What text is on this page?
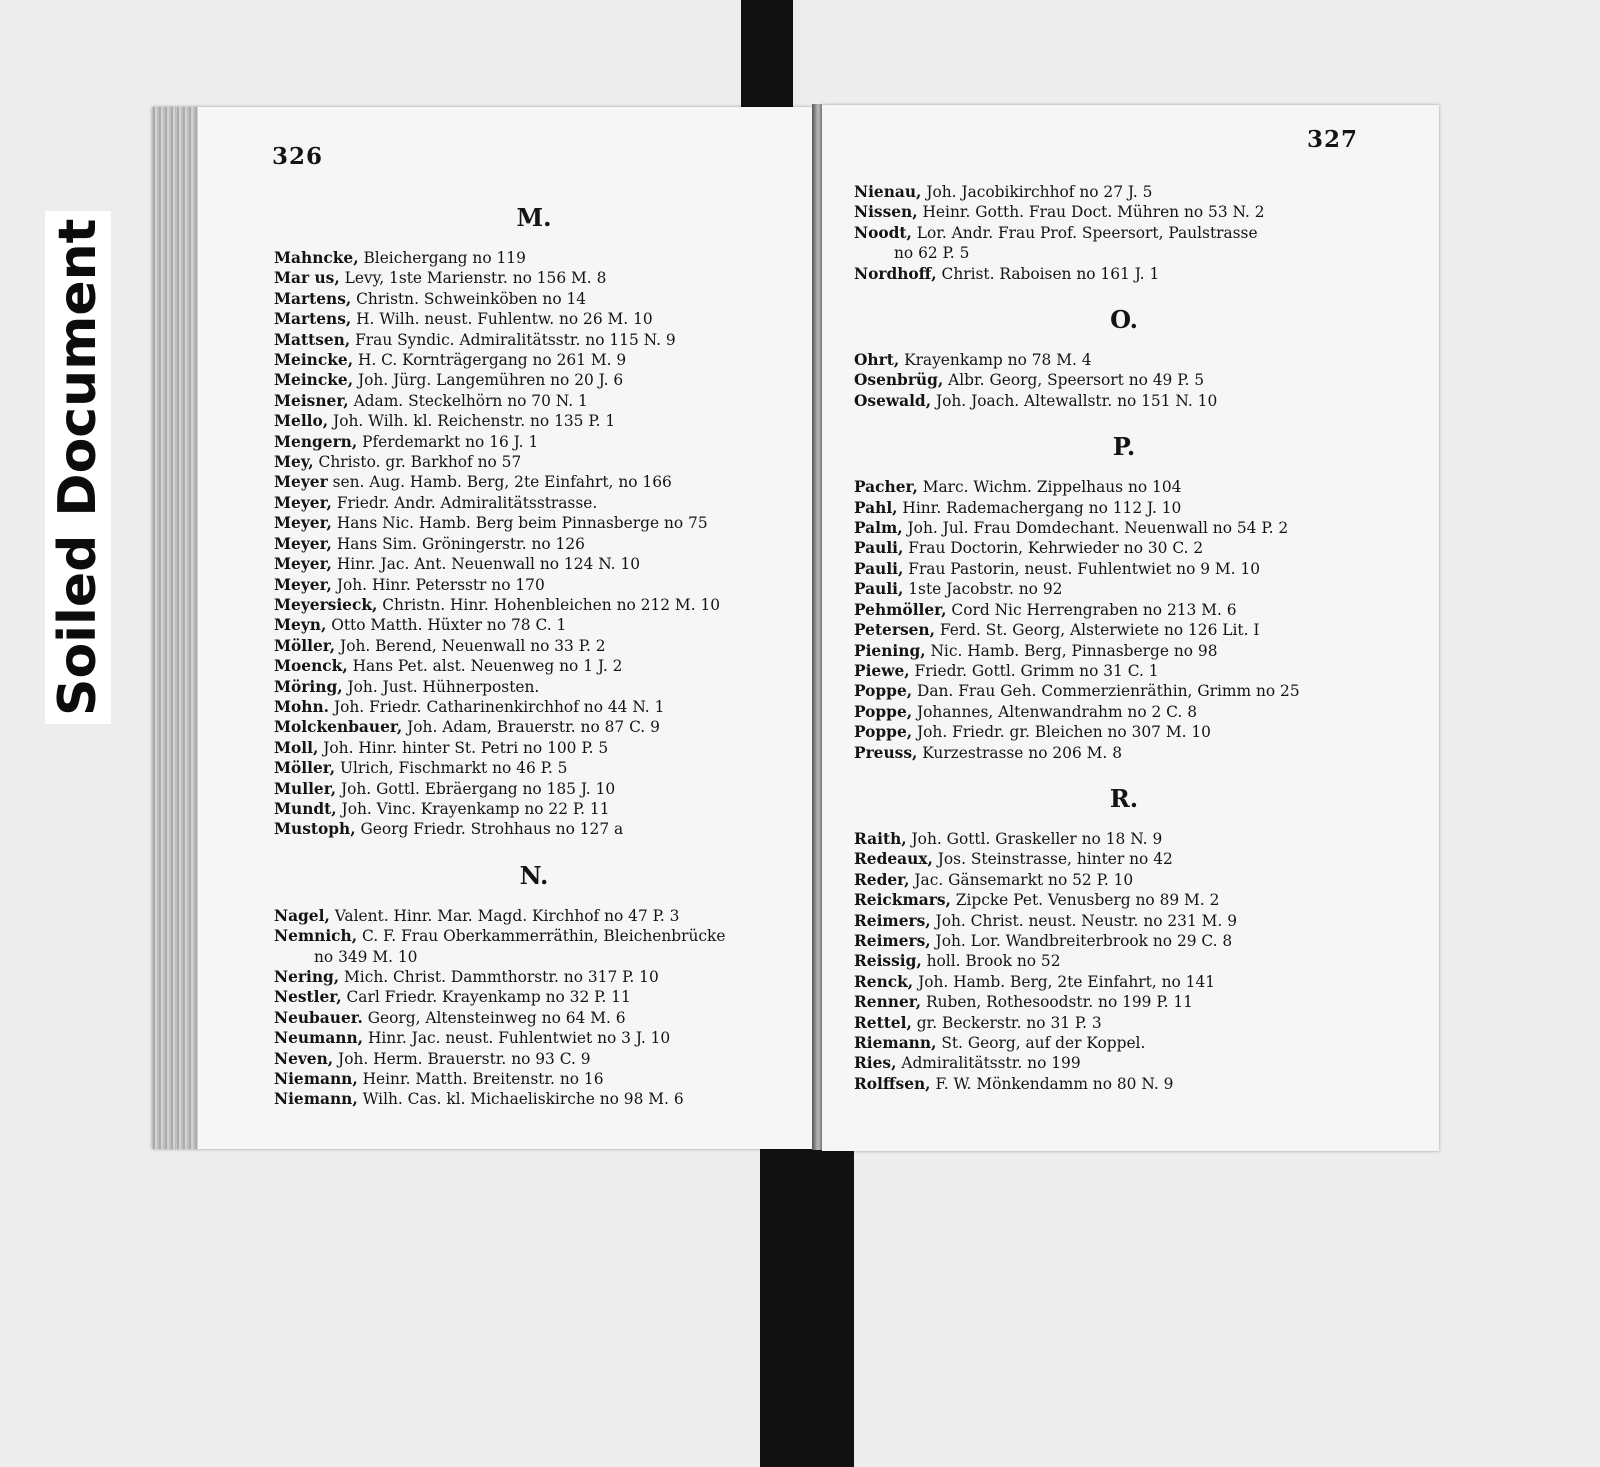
326
327
M.
Mahncke, Bleichergang no 119
Mar us, Levy, 1ste Marienstr. no 156 M. 8
Martens, Christn. Schweinköben no 14
Martens, H. Wilh. neust. Fuhlentw. no 26 M. 10
Mattsen, Frau Syndic. Admiralitätsstr. no 115 N. 9
Meincke, H. C. Kornträgergang no 261 M. 9
Meincke, Joh. Jürg. Langemühren no 20 J. 6
Meisner, Adam. Steckelhörn no 70 N. 1
Mello, Joh. Wilh. kl. Reichenstr. no 135 P. 1
Mengern, Pferdemarkt no 16 J. 1
Mey, Christo. gr. Barkhof no 57
Meyer sen. Aug. Hamb. Berg, 2te Einfahrt, no 166
Meyer, Friedr. Andr. Admiralitätsstrasse.
Meyer, Hans Nic. Hamb. Berg beim Pinnasberge no 75
Meyer, Hans Sim. Gröningerstr. no 126
Meyer, Hinr. Jac. Ant. Neuenwall no 124 N. 10
Meyer, Joh. Hinr. Petersstr no 170
Meyersieck, Christn. Hinr. Hohenbleichen no 212 M. 10
Meyn, Otto Matth. Hüxter no 78 C. 1
Möller, Joh. Berend, Neuenwall no 33 P. 2
Moenck, Hans Pet. alst. Neuenweg no 1 J. 2
Möring, Joh. Just. Hühnerposten.
Mohn. Joh. Friedr. Catharinenkirchhof no 44 N. 1
Molckenbauer, Joh. Adam, Brauerstr. no 87 C. 9
Moll, Joh. Hinr. hinter St. Petri no 100 P. 5
Möller, Ulrich, Fischmarkt no 46 P. 5
Muller, Joh. Gottl. Ebräergang no 185 J. 10
Mundt, Joh. Vinc. Krayenkamp no 22 P. 11
Mustoph, Georg Friedr. Strohhaus no 127 a
N.
Nagel, Valent. Hinr. Mar. Magd. Kirchhof no 47 P. 3
Nemnich, C. F. Frau Oberkammerräthin, Bleichenbrücke
no 349 M. 10
Nering, Mich. Christ. Dammthorstr. no 317 P. 10
Nestler, Carl Friedr. Krayenkamp no 32 P. 11
Neubauer. Georg, Altensteinweg no 64 M. 6
Neumann, Hinr. Jac. neust. Fuhlentwiet no 3 J. 10
Neven, Joh. Herm. Brauerstr. no 93 C. 9
Niemann, Heinr. Matth. Breitenstr. no 16
Niemann, Wilh. Cas. kl. Michaeliskirche no 98 M. 6
Nienau, Joh. Jacobikirchhof no 27 J. 5
Nissen, Heinr. Gotth. Frau Doct. Mühren no 53 N. 2
Noodt, Lor. Andr. Frau Prof. Speersort, Paulstrasse
no 62 P. 5
Nordhoff, Christ. Raboisen no 161 J. 1
O.
Ohrt, Krayenkamp no 78 M. 4
Osenbrüg, Albr. Georg, Speersort no 49 P. 5
Osewald, Joh. Joach. Altewallstr. no 151 N. 10
P.
Pacher, Marc. Wichm. Zippelhaus no 104
Pahl, Hinr. Rademachergang no 112 J. 10
Palm, Joh. Jul. Frau Domdechant. Neuenwall no 54 P. 2
Pauli, Frau Doctorin, Kehrwieder no 30 C. 2
Pauli, Frau Pastorin, neust. Fuhlentwiet no 9 M. 10
Pauli, 1ste Jacobstr. no 92
Pehmöller, Cord Nic Herrengraben no 213 M. 6
Petersen, Ferd. St. Georg, Alsterwiete no 126 Lit. I
Piening, Nic. Hamb. Berg, Pinnasberge no 98
Piewe, Friedr. Gottl. Grimm no 31 C. 1
Poppe, Dan. Frau Geh. Commerzienräthin, Grimm no 25
Poppe, Johannes, Altenwandrahm no 2 C. 8
Poppe, Joh. Friedr. gr. Bleichen no 307 M. 10
Preuss, Kurzestrasse no 206 M. 8
R.
Raith, Joh. Gottl. Graskeller no 18 N. 9
Redeaux, Jos. Steinstrasse, hinter no 42
Reder, Jac. Gänsemarkt no 52 P. 10
Reickmars, Zipcke Pet. Venusberg no 89 M. 2
Reimers, Joh. Christ. neust. Neustr. no 231 M. 9
Reimers, Joh. Lor. Wandbreiterbrook no 29 C. 8
Reissig, holl. Brook no 52
Renck, Joh. Hamb. Berg, 2te Einfahrt, no 141
Renner, Ruben, Rothesoodstr. no 199 P. 11
Rettel, gr. Beckerstr. no 31 P. 3
Riemann, St. Georg, auf der Koppel.
Ries, Admiralitätsstr. no 199
Rolffsen, F. W. Mönkendamm no 80 N. 9
Soiled Document
